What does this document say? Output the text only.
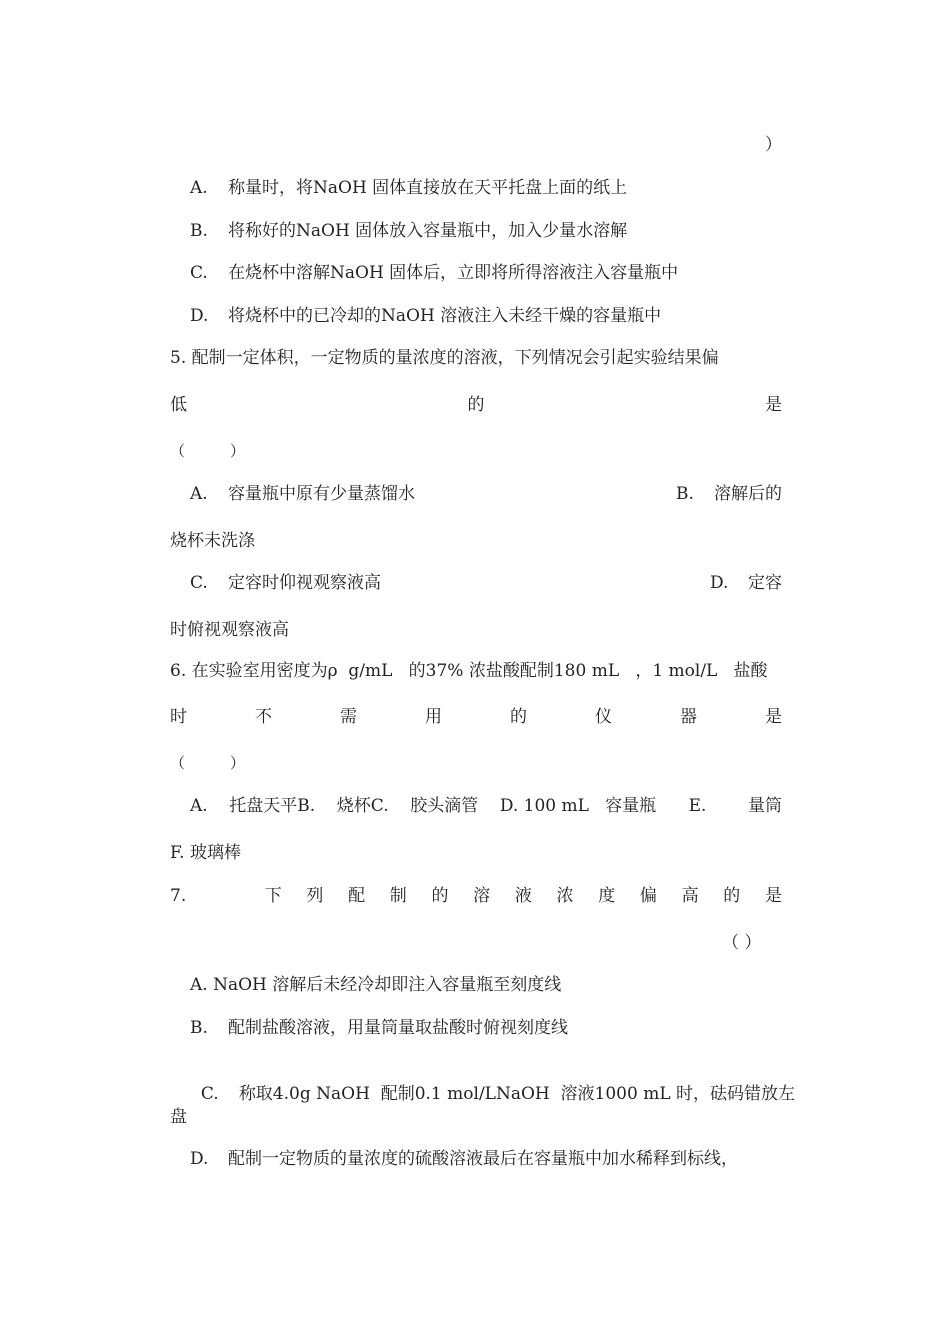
）
A. 称量时，将NaOH 固体直接放在天平托盘上面的纸上
B. 将称好的NaOH 固体放入容量瓶中，加入少量水溶解
C. 在烧杯中溶解NaOH 固体后，立即将所得溶液注入容量瓶中
D. 将烧杯中的已冷却的NaOH 溶液注入未经干燥的容量瓶中
5. 配制一定体积，一定物质的量浓度的溶液，下列情况会引起实验结果偏
低	的	是
（　　　）
A. 容量瓶中原有少量蒸馏水	B. 溶解后的
烧杯未洗涤
C. 定容时仰视观察液高	D. 定容
时俯视观察液高
6. 在实验室用密度为ρ  g/mL   的37% 浓盐酸配制180 mL   ，1 mol/L   盐酸
时	不	需	用	的	仪	器	是
（　　　）
A.    托盘天平B.    烧杯C.    胶头滴管    D. 100 mL   容量瓶      E. 量筒
F. 玻璃棒
7.	下 列 配 制 的 溶 液 浓 度 偏 高 的 是
（ ）
A. NaOH 溶解后未经冷却即注入容量瓶至刻度线
B. 配制盐酸溶液，用量筒量取盐酸时俯视刻度线

C. 称取4.0g NaOH  配制0.1 mol/LNaOH  溶液1000 mL 时，砝码错放左

盘
D. 配制一定物质的量浓度的硫酸溶液最后在容量瓶中加水稀释到标线，
